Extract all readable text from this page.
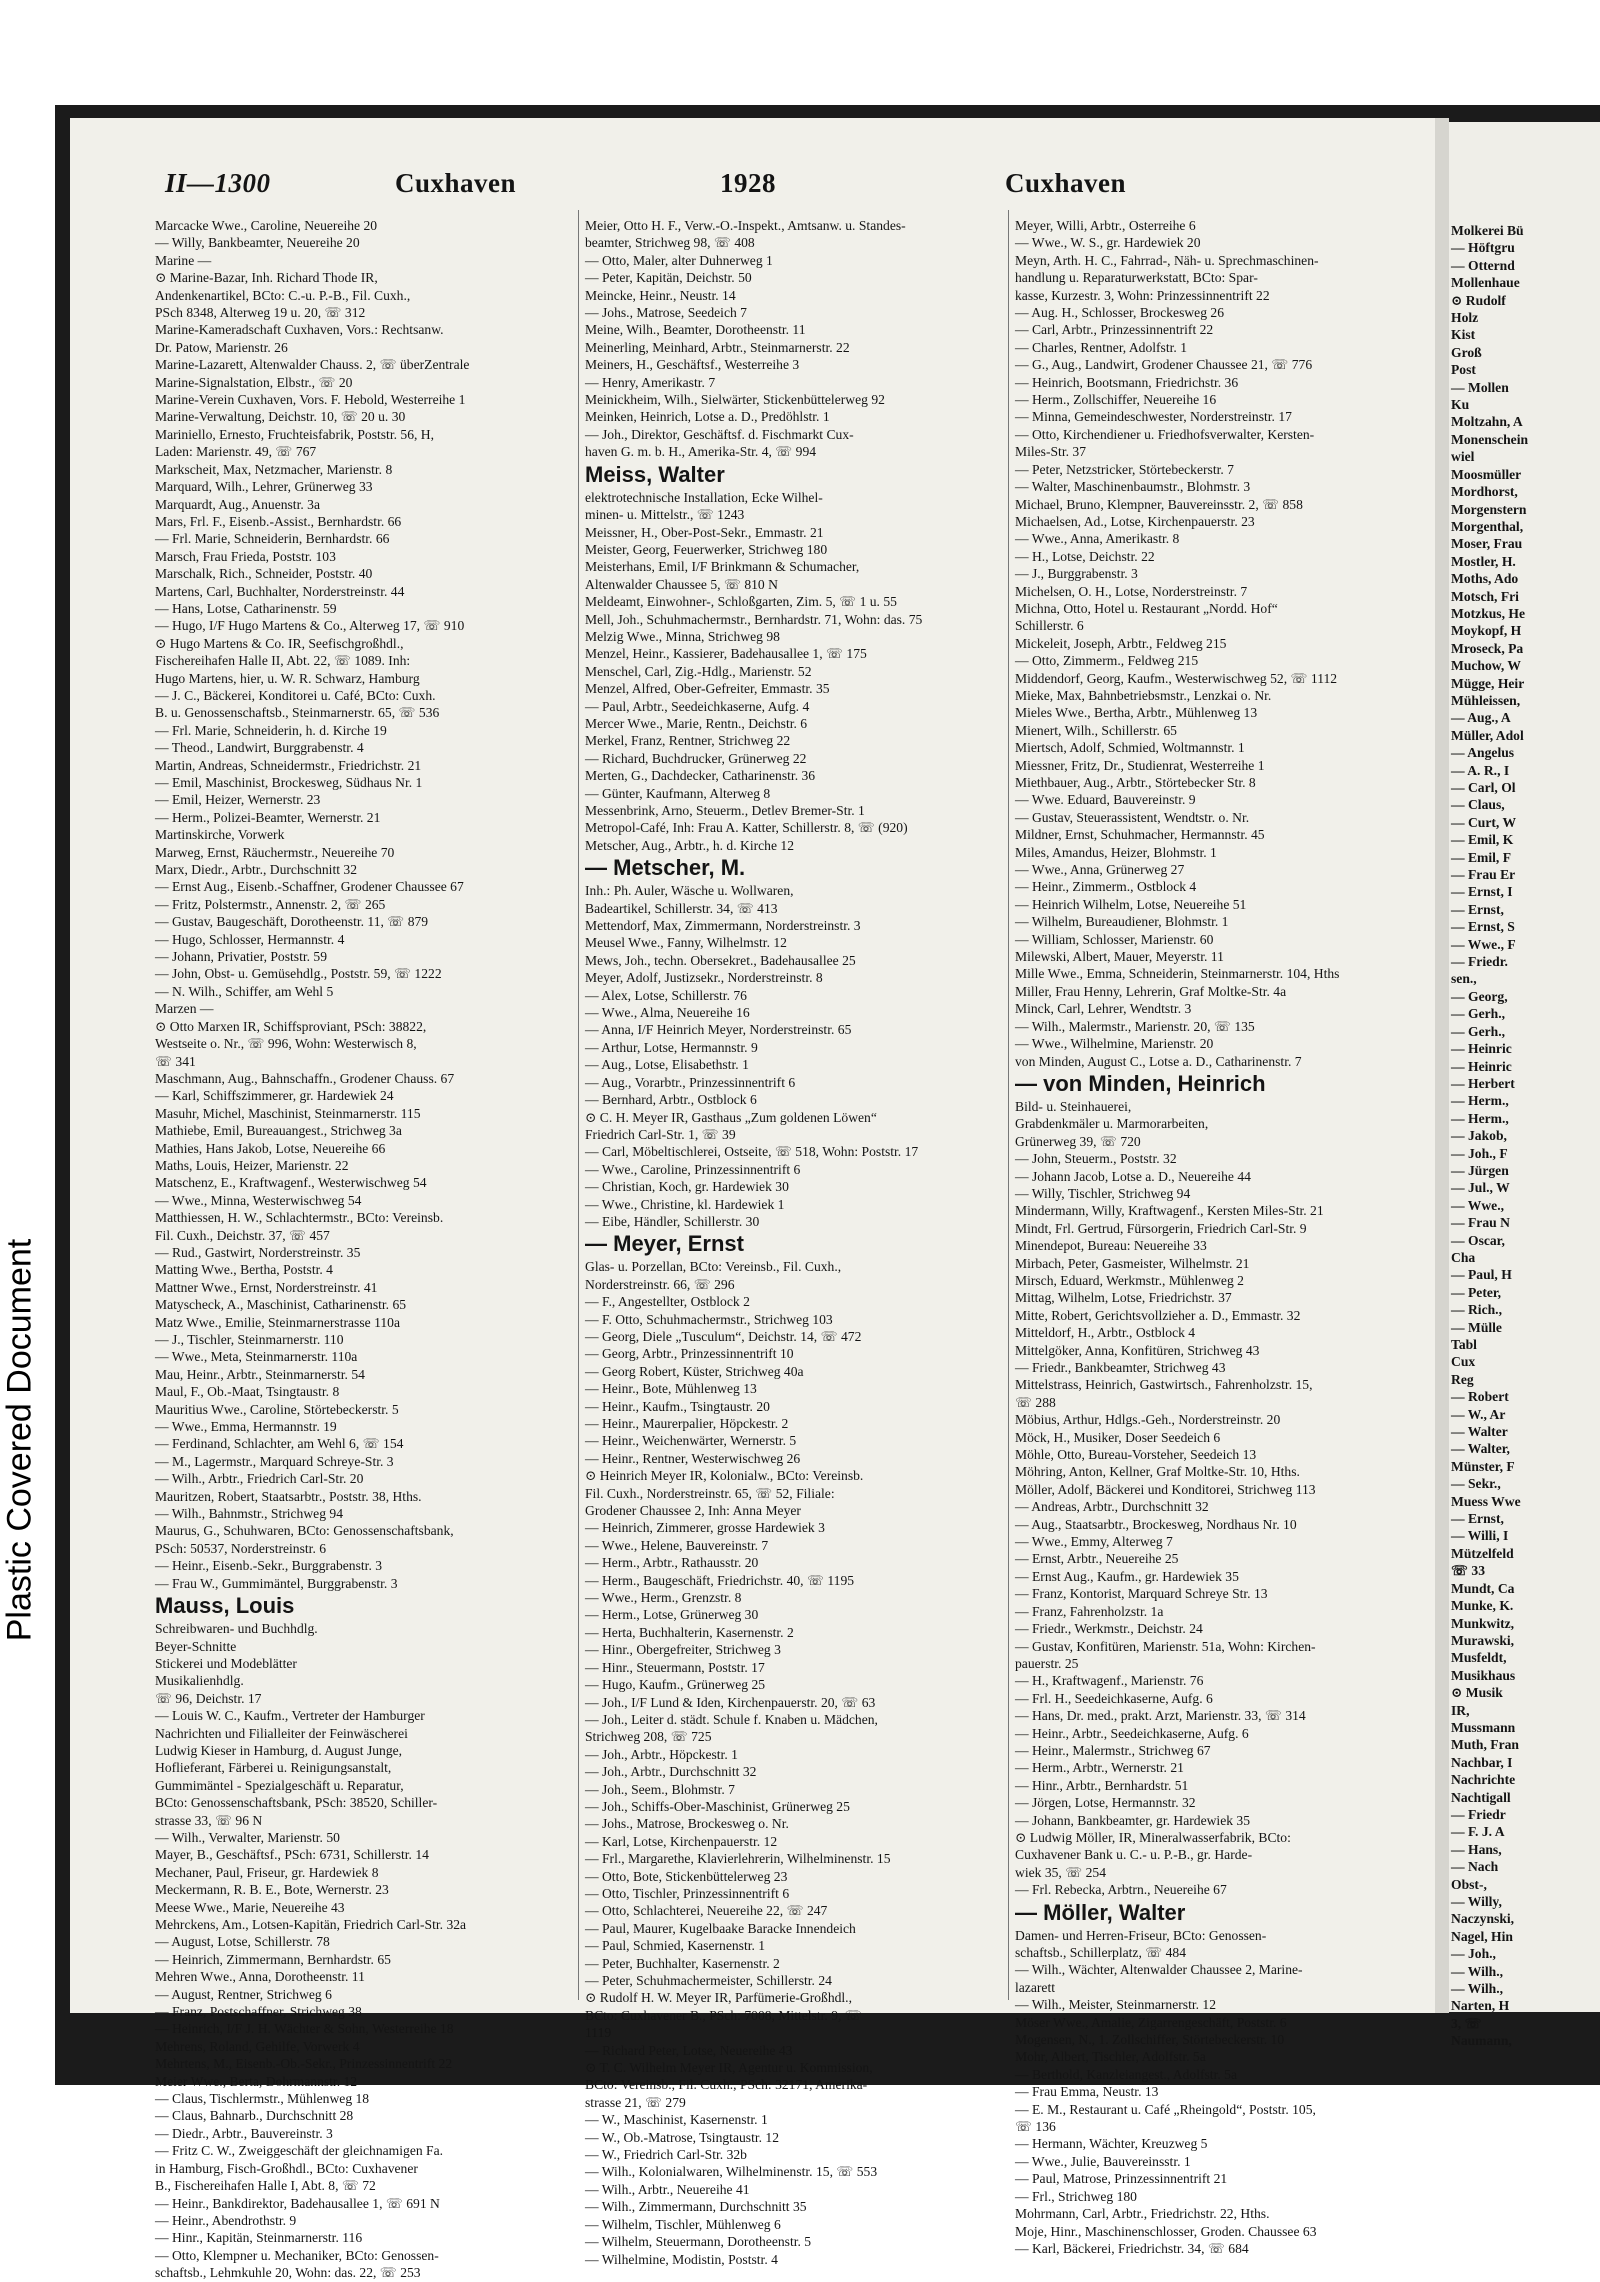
Plastic Covered Document
II—1300	Cuxhaven	1928	Cuxhaven
Marcacke Wwe., Caroline, Neuereihe 20
— Willy, Bankbeamter, Neuereihe 20
Marine —
⊙ Marine-Bazar, Inh. Richard Thode IR,
Andenkenartikel, BCto: C.-u. P.-B., Fil. Cuxh.,
PSch 8348, Alterweg 19 u. 20, ☏ 312
Marine-Kameradschaft Cuxhaven, Vors.: Rechtsanw.
Dr. Patow, Marienstr. 26
Marine-Lazarett, Altenwalder Chauss. 2, ☏ überZentrale
Marine-Signalstation, Elbstr., ☏ 20
Marine-Verein Cuxhaven, Vors. F. Hebold, Westerreihe 1
Marine-Verwaltung, Deichstr. 10, ☏ 20 u. 30
Mariniello, Ernesto, Fruchteisfabrik, Poststr. 56, H,
Laden: Marienstr. 49, ☏ 767
Markscheit, Max, Netzmacher, Marienstr. 8
Marquard, Wilh., Lehrer, Grünerweg 33
Marquardt, Aug., Anuenstr. 3a
Mars, Frl. F., Eisenb.-Assist., Bernhardstr. 66
— Frl. Marie, Schneiderin, Bernhardstr. 66
Marsch, Frau Frieda, Poststr. 103
Marschalk, Rich., Schneider, Poststr. 40
Martens, Carl, Buchhalter, Norderstreinstr. 44
— Hans, Lotse, Catharinenstr. 59
— Hugo, I/F Hugo Martens & Co., Alterweg 17, ☏ 910
⊙ Hugo Martens & Co. IR, Seefischgroßhdl.,
Fischereihafen Halle II, Abt. 22, ☏ 1089. Inh:
Hugo Martens, hier, u. W. R. Schwarz, Hamburg
— J. C., Bäckerei, Konditorei u. Café, BCto: Cuxh.
B. u. Genossenschaftsb., Steinmarnerstr. 65, ☏ 536
— Frl. Marie, Schneiderin, h. d. Kirche 19
— Theod., Landwirt, Burggrabenstr. 4
Martin, Andreas, Schneidermstr., Friedrichstr. 21
— Emil, Maschinist, Brockesweg, Südhaus Nr. 1
— Emil, Heizer, Wernerstr. 23
— Herm., Polizei-Beamter, Wernerstr. 21
Martinskirche, Vorwerk
Marweg, Ernst, Räuchermstr., Neuereihe 70
Marx, Diedr., Arbtr., Durchschnitt 32
— Ernst Aug., Eisenb.-Schaffner, Grodener Chaussee 67
— Fritz, Polstermstr., Annenstr. 2, ☏ 265
— Gustav, Baugeschäft, Dorotheenstr. 11, ☏ 879
— Hugo, Schlosser, Hermannstr. 4
— Johann, Privatier, Poststr. 59
— John, Obst- u. Gemüsehdlg., Poststr. 59, ☏ 1222
— N. Wilh., Schiffer, am Wehl 5
Marzen —
⊙ Otto Marxen IR, Schiffsproviant, PSch: 38822,
Westseite o. Nr., ☏ 996, Wohn: Westerwisch 8,
☏ 341
Maschmann, Aug., Bahnschaffn., Grodener Chauss. 67
— Karl, Schiffszimmerer, gr. Hardewiek 24
Masuhr, Michel, Maschinist, Steinmarnerstr. 115
Mathiebe, Emil, Bureauangest., Strichweg 3a
Mathies, Hans Jakob, Lotse, Neuereihe 66
Maths, Louis, Heizer, Marienstr. 22
Matschenz, E., Kraftwagenf., Westerwischweg 54
— Wwe., Minna, Westerwischweg 54
Matthiessen, H. W., Schlachtermstr., BCto: Vereinsb.
Fil. Cuxh., Deichstr. 37, ☏ 457
— Rud., Gastwirt, Norderstreinstr. 35
Matting Wwe., Bertha, Poststr. 4
Mattner Wwe., Ernst, Norderstreinstr. 41
Matyscheck, A., Maschinist, Catharinenstr. 65
Matz Wwe., Emilie, Steinmarnerstrasse 110a
— J., Tischler, Steinmarnerstr. 110
— Wwe., Meta, Steinmarnerstr. 110a
Mau, Heinr., Arbtr., Steinmarnerstr. 54
Maul, F., Ob.-Maat, Tsingtaustr. 8
Mauritius Wwe., Caroline, Störtebeckerstr. 5
— Wwe., Emma, Hermannstr. 19
— Ferdinand, Schlachter, am Wehl 6, ☏ 154
— M., Lagermstr., Marquard Schreye-Str. 3
— Wilh., Arbtr., Friedrich Carl-Str. 20
Mauritzen, Robert, Staatsarbtr., Poststr. 38, Hths.
— Wilh., Bahnmstr., Strichweg 94
Maurus, G., Schuhwaren, BCto: Genossenschaftsbank,
PSch: 50537, Norderstreinstr. 6
— Heinr., Eisenb.-Sekr., Burggrabenstr. 3
— Frau W., Gummimäntel, Burggrabenstr. 3
Mauss, Louis
Schreibwaren- und Buchhdlg.
Beyer-Schnitte
Stickerei und Modeblätter
Musikalienhdlg.
☏ 96, Deichstr. 17
— Louis W. C., Kaufm., Vertreter der Hamburger
Nachrichten und Filialleiter der Feinwäscherei
Ludwig Kieser in Hamburg, d. August Junge,
Hoflieferant, Färberei u. Reinigungsanstalt,
Gummimäntel - Spezialgeschäft u. Reparatur,
BCto: Genossenschaftsbank, PSch: 38520, Schiller-
strasse 33, ☏ 96 N
— Wilh., Verwalter, Marienstr. 50
Mayer, B., Geschäftsf., PSch: 6731, Schillerstr. 14
Mechaner, Paul, Friseur, gr. Hardewiek 8
Meckermann, R. B. E., Bote, Wernerstr. 23
Meese Wwe., Marie, Neuereihe 43
Mehrckens, Am., Lotsen-Kapitän, Friedrich Carl-Str. 32a
— August, Lotse, Schillerstr. 78
— Heinrich, Zimmermann, Bernhardstr. 65
Mehren Wwe., Anna, Dorotheenstr. 11
— August, Rentner, Strichweg 6
— Franz, Postschaffner, Strichweg 38
— Heinrich, I/F J. H. Wächter & Sohn, Westerreihe 18
Mehrens, Roland, Gehilfe, Vorwerk 4
Mehrtens, M., Eisenb.-Ob.-Sekr., Prinzessinnentrift 22
Meier Wwe., Berta, Dohrmannstr. 12
— Claus, Tischlermstr., Mühlenweg 18
— Claus, Bahnarb., Durchschnitt 28
— Diedr., Arbtr., Bauvereinstr. 3
— Fritz C. W., Zweiggeschäft der gleichnamigen Fa.
in Hamburg, Fisch-Großhdl., BCto: Cuxhavener
B., Fischereihafen Halle I, Abt. 8, ☏ 72
— Heinr., Bankdirektor, Badehausallee 1, ☏ 691 N
— Heinr., Abendrothstr. 9
— Hinr., Kapitän, Steinmarnerstr. 116
— Otto, Klempner u. Mechaniker, BCto: Genossen-
schaftsb., Lehmkuhle 20, Wohn: das. 22, ☏ 253
Meier, Otto H. F., Verw.-O.-Inspekt., Amtsanw. u. Standes-
beamter, Strichweg 98, ☏ 408
— Otto, Maler, alter Duhnerweg 1
— Peter, Kapitän, Deichstr. 50
Meincke, Heinr., Neustr. 14
— Johs., Matrose, Seedeich 7
Meine, Wilh., Beamter, Dorotheenstr. 11
Meinerling, Meinhard, Arbtr., Steinmarnerstr. 22
Meiners, H., Geschäftsf., Westerreihe 3
— Henry, Amerikastr. 7
Meinickheim, Wilh., Sielwärter, Stickenbüttelerweg 92
Meinken, Heinrich, Lotse a. D., Predöhlstr. 1
— Joh., Direktor, Geschäftsf. d. Fischmarkt Cux-
haven G. m. b. H., Amerika-Str. 4, ☏ 994
Meiss, Walter
elektrotechnische Installation, Ecke Wilhel-
minen- u. Mittelstr., ☏ 1243
Meissner, H., Ober-Post-Sekr., Emmastr. 21
Meister, Georg, Feuerwerker, Strichweg 180
Meisterhans, Emil, I/F Brinkmann & Schumacher,
Altenwalder Chaussee 5, ☏ 810 N
Meldeamt, Einwohner-, Schloßgarten, Zim. 5, ☏ 1 u. 55
Mell, Joh., Schuhmachermstr., Bernhardstr. 71, Wohn: das. 75
Melzig Wwe., Minna, Strichweg 98
Menzel, Heinr., Kassierer, Badehausallee 1, ☏ 175
Menschel, Carl, Zig.-Hdlg., Marienstr. 52
Menzel, Alfred, Ober-Gefreiter, Emmastr. 35
— Paul, Arbtr., Seedeichkaserne, Aufg. 4
Mercer Wwe., Marie, Rentn., Deichstr. 6
Merkel, Franz, Rentner, Strichweg 22
— Richard, Buchdrucker, Grünerweg 22
Merten, G., Dachdecker, Catharinenstr. 36
— Günter, Kaufmann, Alterweg 8
Messenbrink, Arno, Steuerm., Detlev Bremer-Str. 1
Metropol-Café, Inh: Frau A. Katter, Schillerstr. 8, ☏ (920)
Metscher, Aug., Arbtr., h. d. Kirche 12
— Metscher, M.
Inh.: Ph. Auler, Wäsche u. Wollwaren,
Badeartikel, Schillerstr. 34, ☏ 413
Mettendorf, Max, Zimmermann, Norderstreinstr. 3
Meusel Wwe., Fanny, Wilhelmstr. 12
Mews, Joh., techn. Obersekret., Badehausallee 25
Meyer, Adolf, Justizsekr., Norderstreinstr. 8
— Alex, Lotse, Schillerstr. 76
— Wwe., Alma, Neuereihe 16
— Anna, I/F Heinrich Meyer, Norderstreinstr. 65
— Arthur, Lotse, Hermannstr. 9
— Aug., Lotse, Elisabethstr. 1
— Aug., Vorarbtr., Prinzessinnentrift 6
— Bernhard, Arbtr., Ostblock 6
⊙ C. H. Meyer IR, Gasthaus „Zum goldenen Löwen“
Friedrich Carl-Str. 1, ☏ 39
— Carl, Möbeltischlerei, Ostseite, ☏ 518, Wohn: Poststr. 17
— Wwe., Caroline, Prinzessinnentrift 6
— Christian, Koch, gr. Hardewiek 30
— Wwe., Christine, kl. Hardewiek 1
— Eibe, Händler, Schillerstr. 30
— Meyer, Ernst
Glas- u. Porzellan, BCto: Vereinsb., Fil. Cuxh.,
Norderstreinstr. 66, ☏ 296
— F., Angestellter, Ostblock 2
— F. Otto, Schuhmachermstr., Strichweg 103
— Georg, Diele „Tusculum“, Deichstr. 14, ☏ 472
— Georg, Arbtr., Prinzessinnentrift 10
— Georg Robert, Küster, Strichweg 40a
— Heinr., Bote, Mühlenweg 13
— Heinr., Kaufm., Tsingtaustr. 20
— Heinr., Maurerpalier, Höpckestr. 2
— Heinr., Weichenwärter, Wernerstr. 5
— Heinr., Rentner, Westerwischweg 26
⊙ Heinrich Meyer IR, Kolonialw., BCto: Vereinsb.
Fil. Cuxh., Norderstreinstr. 65, ☏ 52, Filiale:
Grodener Chaussee 2, Inh: Anna Meyer
— Heinrich, Zimmerer, grosse Hardewiek 3
— Wwe., Helene, Bauvereinstr. 7
— Herm., Arbtr., Rathausstr. 20
— Herm., Baugeschäft, Friedrichstr. 40, ☏ 1195
— Wwe., Herm., Grenzstr. 8
— Herm., Lotse, Grünerweg 30
— Herta, Buchhalterin, Kasernenstr. 2
— Hinr., Obergefreiter, Strichweg 3
— Hinr., Steuermann, Poststr. 17
— Hugo, Kaufm., Grünerweg 25
— Joh., I/F Lund & Iden, Kirchenpauerstr. 20, ☏ 63
— Joh., Leiter d. städt. Schule f. Knaben u. Mädchen,
Strichweg 208, ☏ 725
— Joh., Arbtr., Höpckestr. 1
— Joh., Arbtr., Durchschnitt 32
— Joh., Seem., Blohmstr. 7
— Joh., Schiffs-Ober-Maschinist, Grünerweg 25
— Johs., Matrose, Brockesweg o. Nr.
— Karl, Lotse, Kirchenpauerstr. 12
— Frl., Margarethe, Klavierlehrerin, Wilhelminenstr. 15
— Otto, Bote, Stickenbüttelerweg 23
— Otto, Tischler, Prinzessinnentrift 6
— Otto, Schlachterei, Neuereihe 22, ☏ 247
— Paul, Maurer, Kugelbaake Baracke Innendeich
— Paul, Schmied, Kasernenstr. 1
— Peter, Buchhalter, Kasernenstr. 2
— Peter, Schuhmachermeister, Schillerstr. 24
⊙ Rudolf H. W. Meyer IR, Parfümerie-Großhdl.,
BCto: Cuxhavener B., PSch: 7008, Mittelstr. 9, ☏
1119
— Richard Peter, Lotse, Neuereihe 43
⊙ T. C. Wilhelm Meyer IR, Agentur u. Kommission,
BCto: Vereinsb., Fil. Cuxh., PSch: 32171, Amerika-
strasse 21, ☏ 279
— W., Maschinist, Kasernenstr. 1
— W., Ob.-Matrose, Tsingtaustr. 12
— W., Friedrich Carl-Str. 32b
— Wilh., Kolonialwaren, Wilhelminenstr. 15, ☏ 553
— Wilh., Arbtr., Neuereihe 41
— Wilh., Zimmermann, Durchschnitt 35
— Wilhelm, Tischler, Mühlenweg 6
— Wilhelm, Steuermann, Dorotheenstr. 5
— Wilhelmine, Modistin, Poststr. 4
Meyer, Willi, Arbtr., Osterreihe 6
— Wwe., W. S., gr. Hardewiek 20
Meyn, Arth. H. C., Fahrrad-, Näh- u. Sprechmaschinen-
handlung u. Reparaturwerkstatt, BCto: Spar-
kasse, Kurzestr. 3, Wohn: Prinzessinnentrift 22
— Aug. H., Schlosser, Brockesweg 26
— Carl, Arbtr., Prinzessinnentrift 22
— Charles, Rentner, Adolfstr. 1
— G., Aug., Landwirt, Grodener Chaussee 21, ☏ 776
— Heinrich, Bootsmann, Friedrichstr. 36
— Herm., Zollschiffer, Neuereihe 16
— Minna, Gemeindeschwester, Norderstreinstr. 17
— Otto, Kirchendiener u. Friedhofsverwalter, Kersten-
Miles-Str. 37
— Peter, Netzstricker, Störtebeckerstr. 7
— Walter, Maschinenbaumstr., Blohmstr. 3
Michael, Bruno, Klempner, Bauvereinsstr. 2, ☏ 858
Michaelsen, Ad., Lotse, Kirchenpauerstr. 23
— Wwe., Anna, Amerikastr. 8
— H., Lotse, Deichstr. 22
— J., Burggrabenstr. 3
Michelsen, O. H., Lotse, Norderstreinstr. 7
Michna, Otto, Hotel u. Restaurant „Nordd. Hof“
Schillerstr. 6
Mickeleit, Joseph, Arbtr., Feldweg 215
— Otto, Zimmerm., Feldweg 215
Middendorf, Georg, Kaufm., Westerwischweg 52, ☏ 1112
Mieke, Max, Bahnbetriebsmstr., Lenzkai o. Nr.
Mieles Wwe., Bertha, Arbtr., Mühlenweg 13
Mienert, Wilh., Schillerstr. 65
Miertsch, Adolf, Schmied, Woltmannstr. 1
Miessner, Fritz, Dr., Studienrat, Westerreihe 1
Miethbauer, Aug., Arbtr., Störtebecker Str. 8
— Wwe. Eduard, Bauvereinstr. 9
— Gustav, Steuerassistent, Wendtstr. o. Nr.
Mildner, Ernst, Schuhmacher, Hermannstr. 45
Miles, Amandus, Heizer, Blohmstr. 1
— Wwe., Anna, Grünerweg 27
— Heinr., Zimmerm., Ostblock 4
— Heinrich Wilhelm, Lotse, Neuereihe 51
— Wilhelm, Bureaudiener, Blohmstr. 1
— William, Schlosser, Marienstr. 60
Milewski, Albert, Mauer, Meyerstr. 11
Mille Wwe., Emma, Schneiderin, Steinmarnerstr. 104, Hths
Miller, Frau Henny, Lehrerin, Graf Moltke-Str. 4a
Minck, Carl, Lehrer, Wendtstr. 3
— Wilh., Malermstr., Marienstr. 20, ☏ 135
— Wwe., Wilhelmine, Marienstr. 20
von Minden, August C., Lotse a. D., Catharinenstr. 7
— von Minden, Heinrich
Bild- u. Steinhauerei,
Grabdenkmäler u. Marmorarbeiten,
Grünerweg 39, ☏ 720
— John, Steuerm., Poststr. 32
— Johann Jacob, Lotse a. D., Neuereihe 44
— Willy, Tischler, Strichweg 94
Mindermann, Willy, Kraftwagenf., Kersten Miles-Str. 21
Mindt, Frl. Gertrud, Fürsorgerin, Friedrich Carl-Str. 9
Minendepot, Bureau: Neuereihe 33
Mirbach, Peter, Gasmeister, Wilhelmstr. 21
Mirsch, Eduard, Werkmstr., Mühlenweg 2
Mittag, Wilhelm, Lotse, Friedrichstr. 37
Mitte, Robert, Gerichtsvollzieher a. D., Emmastr. 32
Mitteldorf, H., Arbtr., Ostblock 4
Mittelgöker, Anna, Konfitüren, Strichweg 43
— Friedr., Bankbeamter, Strichweg 43
Mittelstrass, Heinrich, Gastwirtsch., Fahrenholzstr. 15,
☏ 288
Möbius, Arthur, Hdlgs.-Geh., Norderstreinstr. 20
Möck, H., Musiker, Doser Seedeich 6
Möhle, Otto, Bureau-Vorsteher, Seedeich 13
Möhring, Anton, Kellner, Graf Moltke-Str. 10, Hths.
Möller, Adolf, Bäckerei und Konditorei, Strichweg 113
— Andreas, Arbtr., Durchschnitt 32
— Aug., Staatsarbtr., Brockesweg, Nordhaus Nr. 10
— Wwe., Emmy, Alterweg 7
— Ernst, Arbtr., Neuereihe 25
— Ernst Aug., Kaufm., gr. Hardewiek 35
— Franz, Kontorist, Marquard Schreye Str. 13
— Franz, Fahrenholzstr. 1a
— Friedr., Werkmstr., Deichstr. 24
— Gustav, Konfitüren, Marienstr. 51a, Wohn: Kirchen-
pauerstr. 25
— H., Kraftwagenf., Marienstr. 76
— Frl. H., Seedeichkaserne, Aufg. 6
— Hans, Dr. med., prakt. Arzt, Marienstr. 33, ☏ 314
— Heinr., Arbtr., Seedeichkaserne, Aufg. 6
— Heinr., Malermstr., Strichweg 67
— Herm., Arbtr., Wernerstr. 21
— Hinr., Arbtr., Bernhardstr. 51
— Jörgen, Lotse, Hermannstr. 32
— Johann, Bankbeamter, gr. Hardewiek 35
⊙ Ludwig Möller, IR, Mineralwasserfabrik, BCto:
Cuxhavener Bank u. C.- u. P.-B., gr. Harde-
wiek 35, ☏ 254
— Frl. Rebecka, Arbtrn., Neuereihe 67
— Möller, Walter
Damen- und Herren-Friseur, BCto: Genossen-
schaftsb., Schillerplatz, ☏ 484
— Wilh., Wächter, Altenwalder Chaussee 2, Marine-
lazarett
— Wilh., Meister, Steinmarnerstr. 12
Möser Wwe., Amalie, Zigarrengeschäft, Poststr. 6
Mogensen, N., 1. Zollschiffer, Störtebeckerstr. 10
Mohr, Albert, Tischler, Adolfstr. 5a
— Berthold, Kanzleiangest., Adolfstr. 5a
— Frau Emma, Neustr. 13
— E. M., Restaurant u. Café „Rheingold“, Poststr. 105,
☏ 136
— Hermann, Wächter, Kreuzweg 5
— Wwe., Julie, Bauvereinsstr. 1
— Paul, Matrose, Prinzessinnentrift 21
— Frl., Strichweg 180
Mohrmann, Carl, Arbtr., Friedrichstr. 22, Hths.
Moje, Hinr., Maschinenschlosser, Groden. Chaussee 63
— Karl, Bäckerei, Friedrichstr. 34, ☏ 684
Molkerei Bü
— Höftgru
— Otternd
Mollenhaue
⊙ Rudolf
Holz
Kist
Groß
Post
— Mollen
Ku
Moltzahn, A
Monenschein
wiel
Moosmüller
Mordhorst,
Morgenstern
Morgenthal,
Moser, Frau
Mostler, H.
Moths, Ado
Motsch, Fri
Motzkus, He
Moykopf, H
Mroseck, Pa
Muchow, W
Mügge, Heir
Mühleissen,
— Aug., A
Müller, Adol
— Angelus
— A. R., I
— Carl, Ol
— Claus,
— Curt, W
— Emil, K
— Emil, F
— Frau Er
— Ernst, I
— Ernst,
— Ernst, S
— Wwe., F
— Friedr.
sen.,
— Georg,
— Gerh.,
— Gerh.,
— Heinric
— Heinric
— Herbert
— Herm.,
— Herm.,
— Jakob,
— Joh., F
— Jürgen
— Jul., W
— Wwe.,
— Frau N
— Oscar,
Cha
— Paul, H
— Peter,
— Rich.,
— Mülle
Tabl
Cux
Reg
— Robert
— W., Ar
— Walter
— Walter,
Münster, F
— Sekr.,
Muess Wwe
— Ernst,
— Willi, I
Mützelfeld
☏ 33
Mundt, Ca
Munke, K.
Munkwitz,
Murawski,
Musfeldt,
Musikhaus
⊙ Musik
IR,
Mussmann
Muth, Fran
Nachbar, I
Nachrichte
Nachtigall
— Friedr
— F. J. A
— Hans,
— Nach
Obst-,
— Willy,
Naczynski,
Nagel, Hin
— Joh.,
— Wilh.,
— Wilh.,
Narten, H
3, ☏
Naumann,
